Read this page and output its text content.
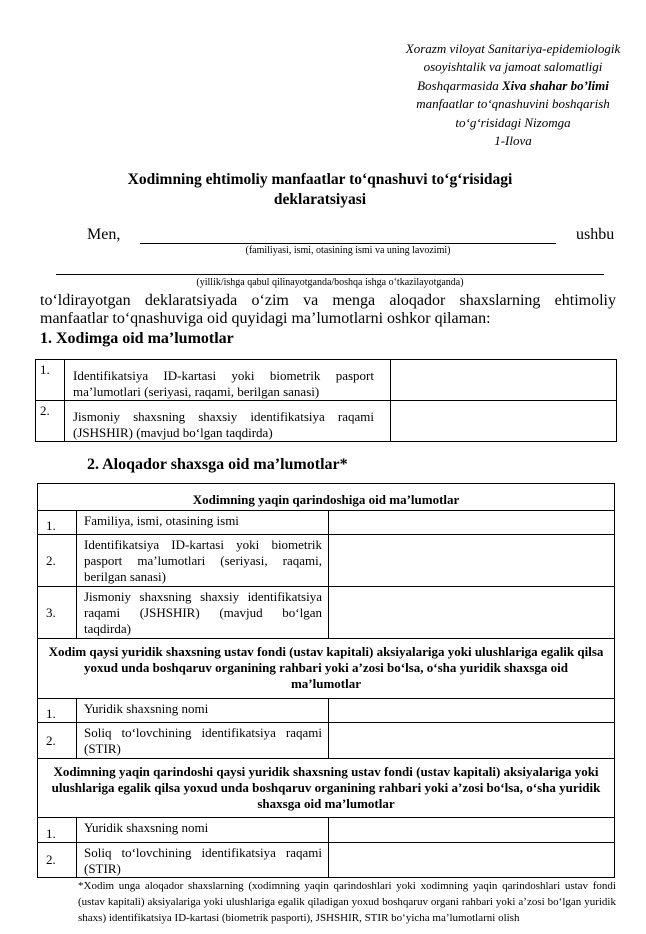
Xorazm viloyat Sanitariya-epidemiologik
osoyishtalik va jamoat salomatligi
Boshqarmasida Xiva shahar bo’limi
manfaatlar to‘qnashuvini boshqarish
to‘g‘risidagi Nizomga
1-Ilova
Xodimning ehtimoliy manfaatlar to‘qnashuvi to‘g‘risidagi
deklaratsiyasi
Men,	ushbu
(familiyasi, ismi, otasining ismi va uning lavozimi)
(yillik/ishga qabul qilinayotganda/boshqa ishga o‘tkazilayotganda)
to‘ldirayotgan deklaratsiyada o‘zim va menga aloqador shaxslarning ehtimoliy
manfaatlar to‘qnashuviga oid quyidagi ma’lumotlarni oshkor qilaman:
1. Xodimga oid ma’lumotlar
1.	Identifikatsiya ID-kartasi yoki biometrik pasport ma’lumotlari (seriyasi, raqami, berilgan sanasi)	
2.	Jismoniy shaxsning shaxsiy identifikatsiya raqami (JSHSHIR) (mavjud bo‘lgan taqdirda)	
2. Aloqador shaxsga oid ma’lumotlar*
Xodimning yaqin qarindoshiga oid ma’lumotlar		
1.	Familiya, ismi, otasining ismi	
2.	Identifikatsiya ID-kartasi yoki biometrik pasport ma’lumotlari (seriyasi, raqami, berilgan sanasi)	
3.	Jismoniy shaxsning shaxsiy identifikatsiya raqami (JSHSHIR) (mavjud bo‘lgan taqdirda)	
Xodim qaysi yuridik shaxsning ustav fondi (ustav kapitali) aksiyalariga yoki ulushlariga egalik qilsa yoxud unda boshqaruv organining rahbari yoki a’zosi bo‘lsa, o‘sha yuridik shaxsga oid ma’lumotlar		
1.	Yuridik shaxsning nomi	
2.	Soliq to‘lovchining identifikatsiya raqami (STIR)	
Xodimning yaqin qarindoshi qaysi yuridik shaxsning ustav fondi (ustav kapitali) aksiyalariga yoki ulushlariga egalik qilsa yoxud unda boshqaruv organining rahbari yoki a’zosi bo‘lsa, o‘sha yuridik shaxsga oid ma’lumotlar		
1.	Yuridik shaxsning nomi	
2.	Soliq to‘lovchining identifikatsiya raqami (STIR)	
*Xodim unga aloqador shaxslarning (xodimning yaqin qarindoshlari yoki xodimning yaqin qarindoshlari ustav fondi (ustav kapitali) aksiyalariga yoki ulushlariga egalik qiladigan yoxud boshqaruv organi rahbari yoki a’zosi bo‘lgan yuridik shaxs) identifikatsiya ID-kartasi (biometrik pasporti), JSHSHIR, STIR bo‘yicha ma’lumotlarni olish
